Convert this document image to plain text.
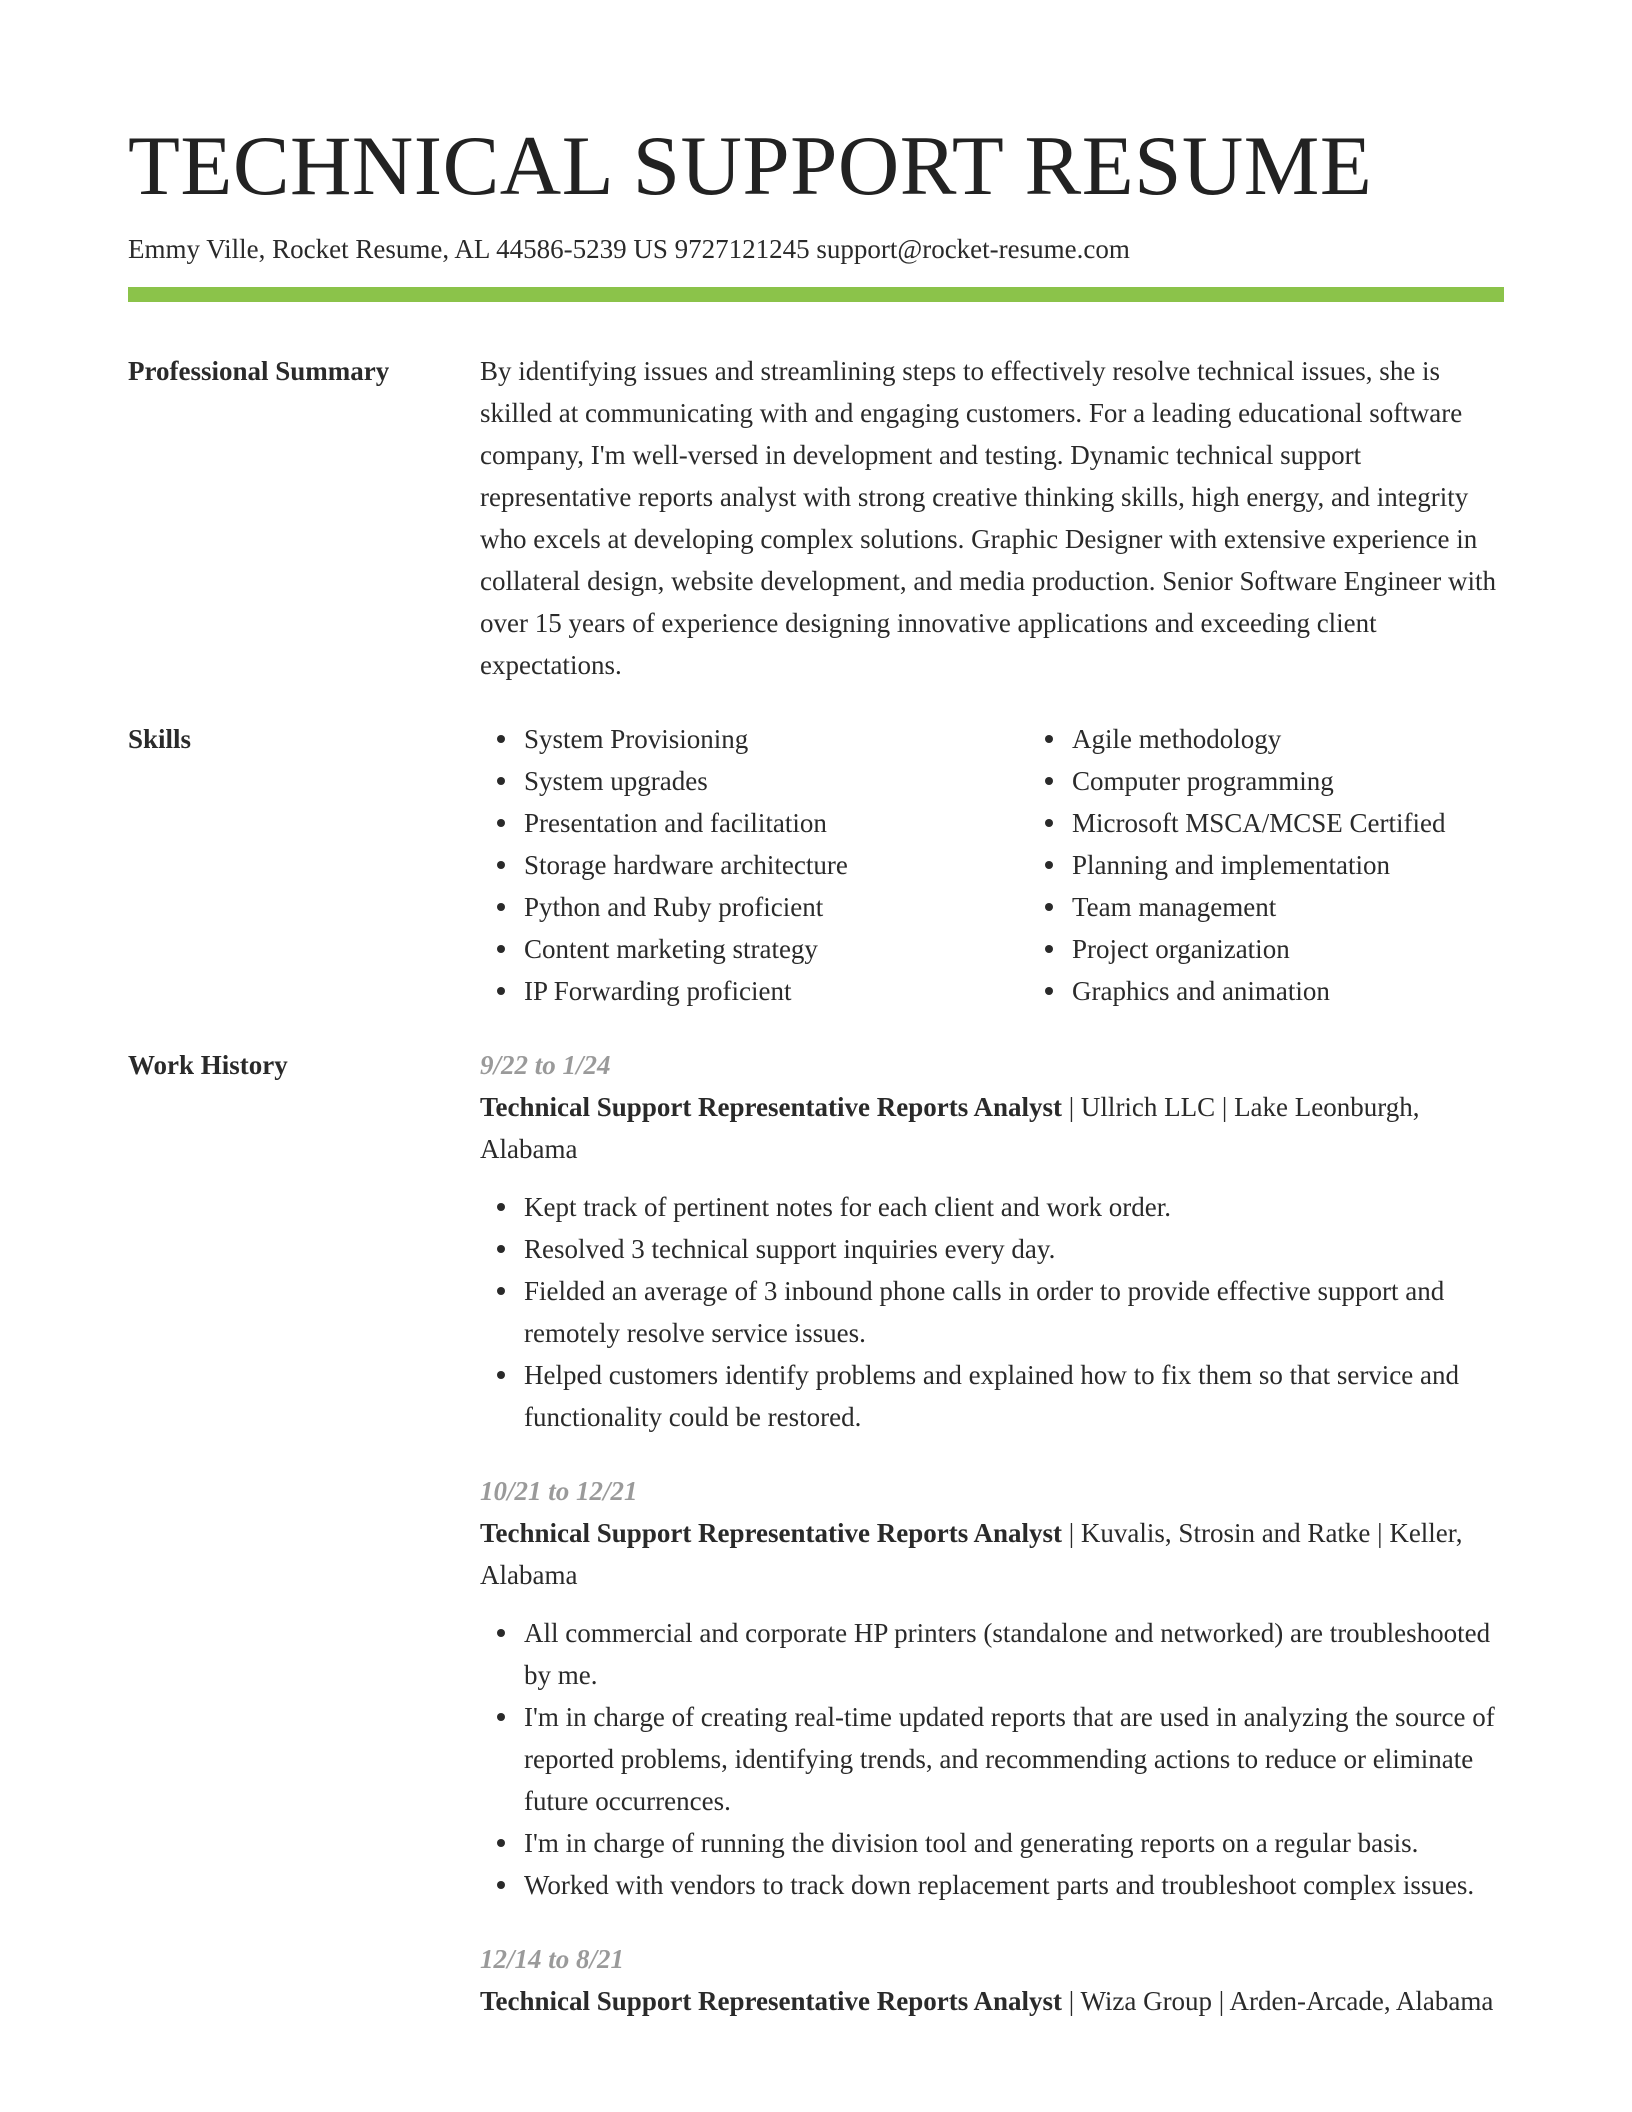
TECHNICAL SUPPORT RESUME
Emmy Ville, Rocket Resume, AL 44586-5239 US 9727121245 support@rocket-resume.com
Professional Summary	By identifying issues and streamlining steps to effectively resolve technical issues, she is skilled at communicating with and engaging customers. For a leading educational software company, I'm well-versed in development and testing. Dynamic technical support representative reports analyst with strong creative thinking skills, high energy, and integrity who excels at developing complex solutions. Graphic Designer with extensive experience in collateral design, website development, and media production. Senior Software Engineer with over 15 years of experience designing innovative applications and exceeding client expectations.
Skills	System Provisioning
System upgrades
Presentation and facilitation
Storage hardware architecture
Python and Ruby proficient
Content marketing strategy
IP Forwarding proficient
Agile methodology
Computer programming
Microsoft MSCA/MCSE Certified
Planning and implementation
Team management
Project organization
Graphics and animation
Work History	9/22 to 1/24
Technical Support Representative Reports Analyst | Ullrich LLC | Lake Leonburgh, Alabama
Kept track of pertinent notes for each client and work order.
Resolved 3 technical support inquiries every day.
Fielded an average of 3 inbound phone calls in order to provide effective support and remotely resolve service issues.
Helped customers identify problems and explained how to fix them so that service and functionality could be restored.
10/21 to 12/21
Technical Support Representative Reports Analyst | Kuvalis, Strosin and Ratke | Keller, Alabama
All commercial and corporate HP printers (standalone and networked) are troubleshooted by me.
I'm in charge of creating real-time updated reports that are used in analyzing the source of reported problems, identifying trends, and recommending actions to reduce or eliminate future occurrences.
I'm in charge of running the division tool and generating reports on a regular basis.
Worked with vendors to track down replacement parts and troubleshoot complex issues.
12/14 to 8/21
Technical Support Representative Reports Analyst | Wiza Group | Arden-Arcade, Alabama
